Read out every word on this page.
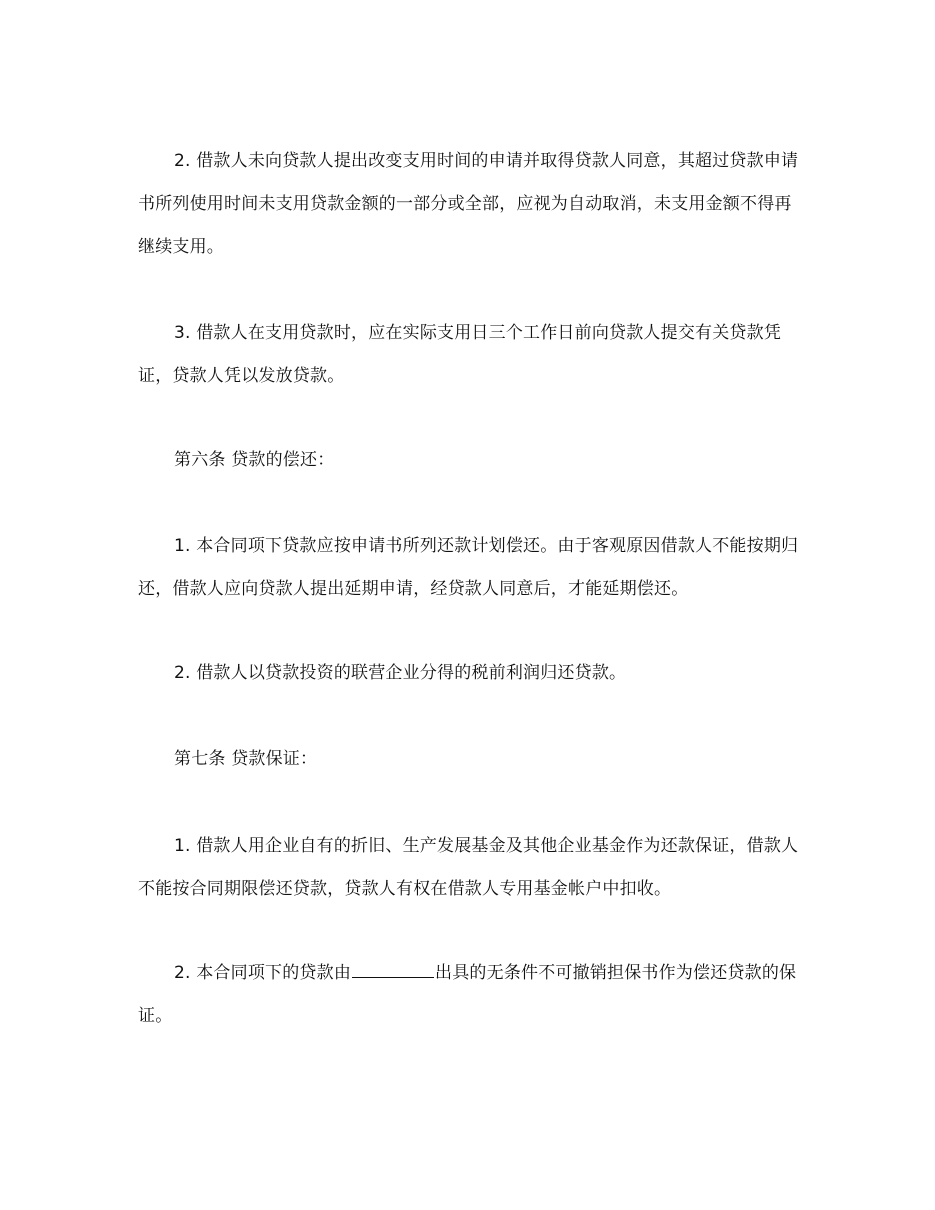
2. 借款人未向贷款人提出改变支用时间的申请并取得贷款人同意，其超过贷款申请书所列使用时间未支用贷款金额的一部分或全部，应视为自动取消，未支用金额不得再继续支用。

3. 借款人在支用贷款时，应在实际支用日三个工作日前向贷款人提交有关贷款凭证，贷款人凭以发放贷款。

第六条 贷款的偿还：

1. 本合同项下贷款应按申请书所列还款计划偿还。由于客观原因借款人不能按期归还，借款人应向贷款人提出延期申请，经贷款人同意后，才能延期偿还。

2. 借款人以贷款投资的联营企业分得的税前利润归还贷款。

第七条 贷款保证：

1. 借款人用企业自有的折旧、生产发展基金及其他企业基金作为还款保证，借款人不能按合同期限偿还贷款，贷款人有权在借款人专用基金帐户中扣收。

2. 本合同项下的贷款由	出具的无条件不可撤销担保书作为偿还贷款的保证。
